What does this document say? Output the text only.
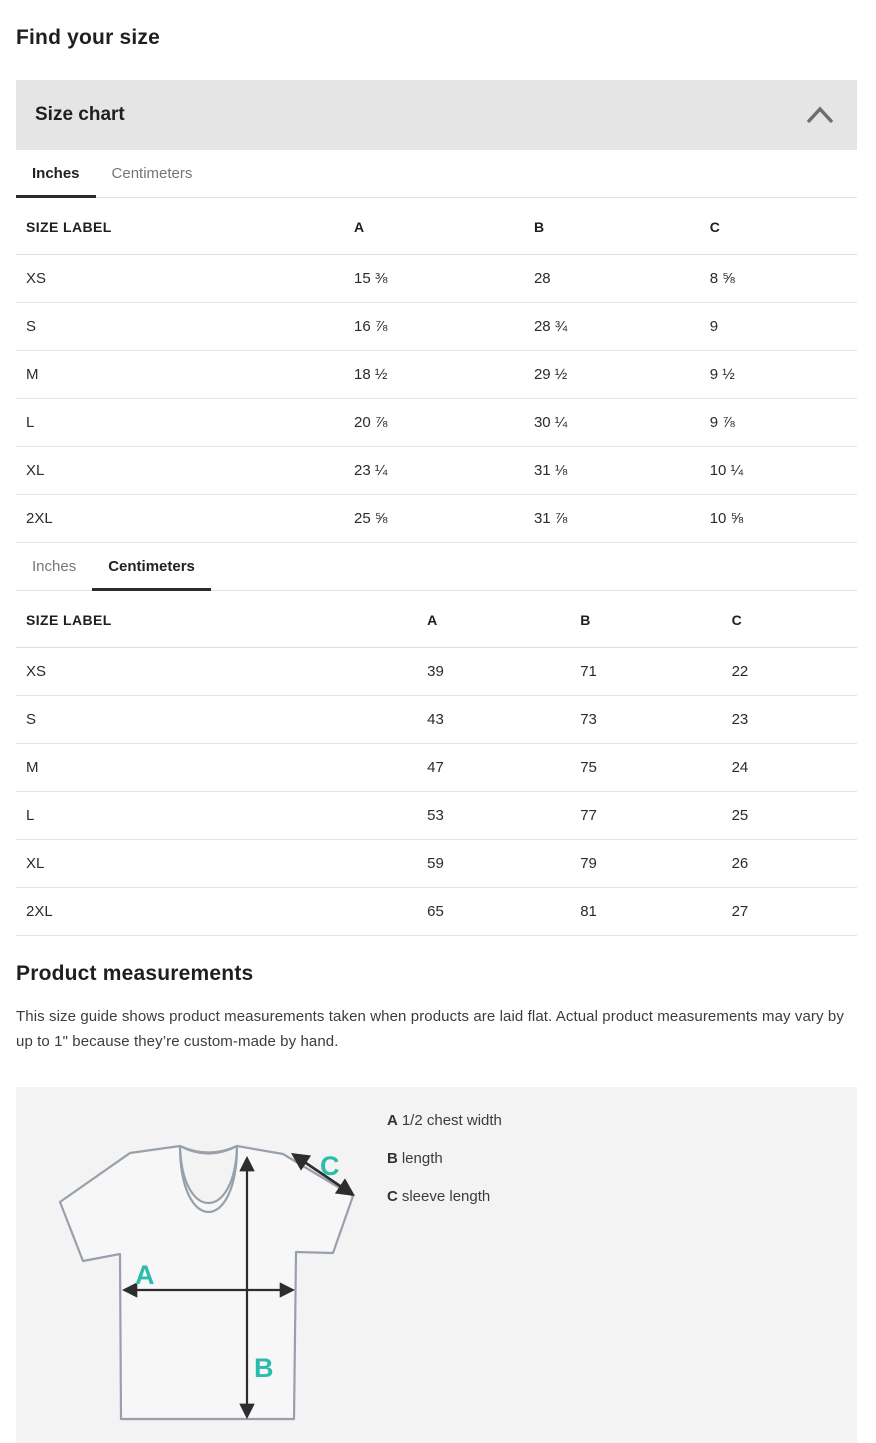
Find your size
Size chart
Inches	Centimeters
SIZE LABEL	A	B	C
XS	15 ⅜	28	8 ⅝
S	16 ⅞	28 ¾	9
M	18 ½	29 ½	9 ½
L	20 ⅞	30 ¼	9 ⅞
XL	23 ¼	31 ⅛	10 ¼
2XL	25 ⅝	31 ⅞	10 ⅝
Inches	Centimeters
SIZE LABEL	A	B	C
XS	39	71	22
S	43	73	23
M	47	75	24
L	53	77	25
XL	59	79	26
2XL	65	81	27
Product measurements

This size guide shows product measurements taken when products are laid flat. Actual product measurements may vary by up to 1" because they’re custom-made by hand.

A
B
C
A 1/2 chest width
B length
C sleeve length
